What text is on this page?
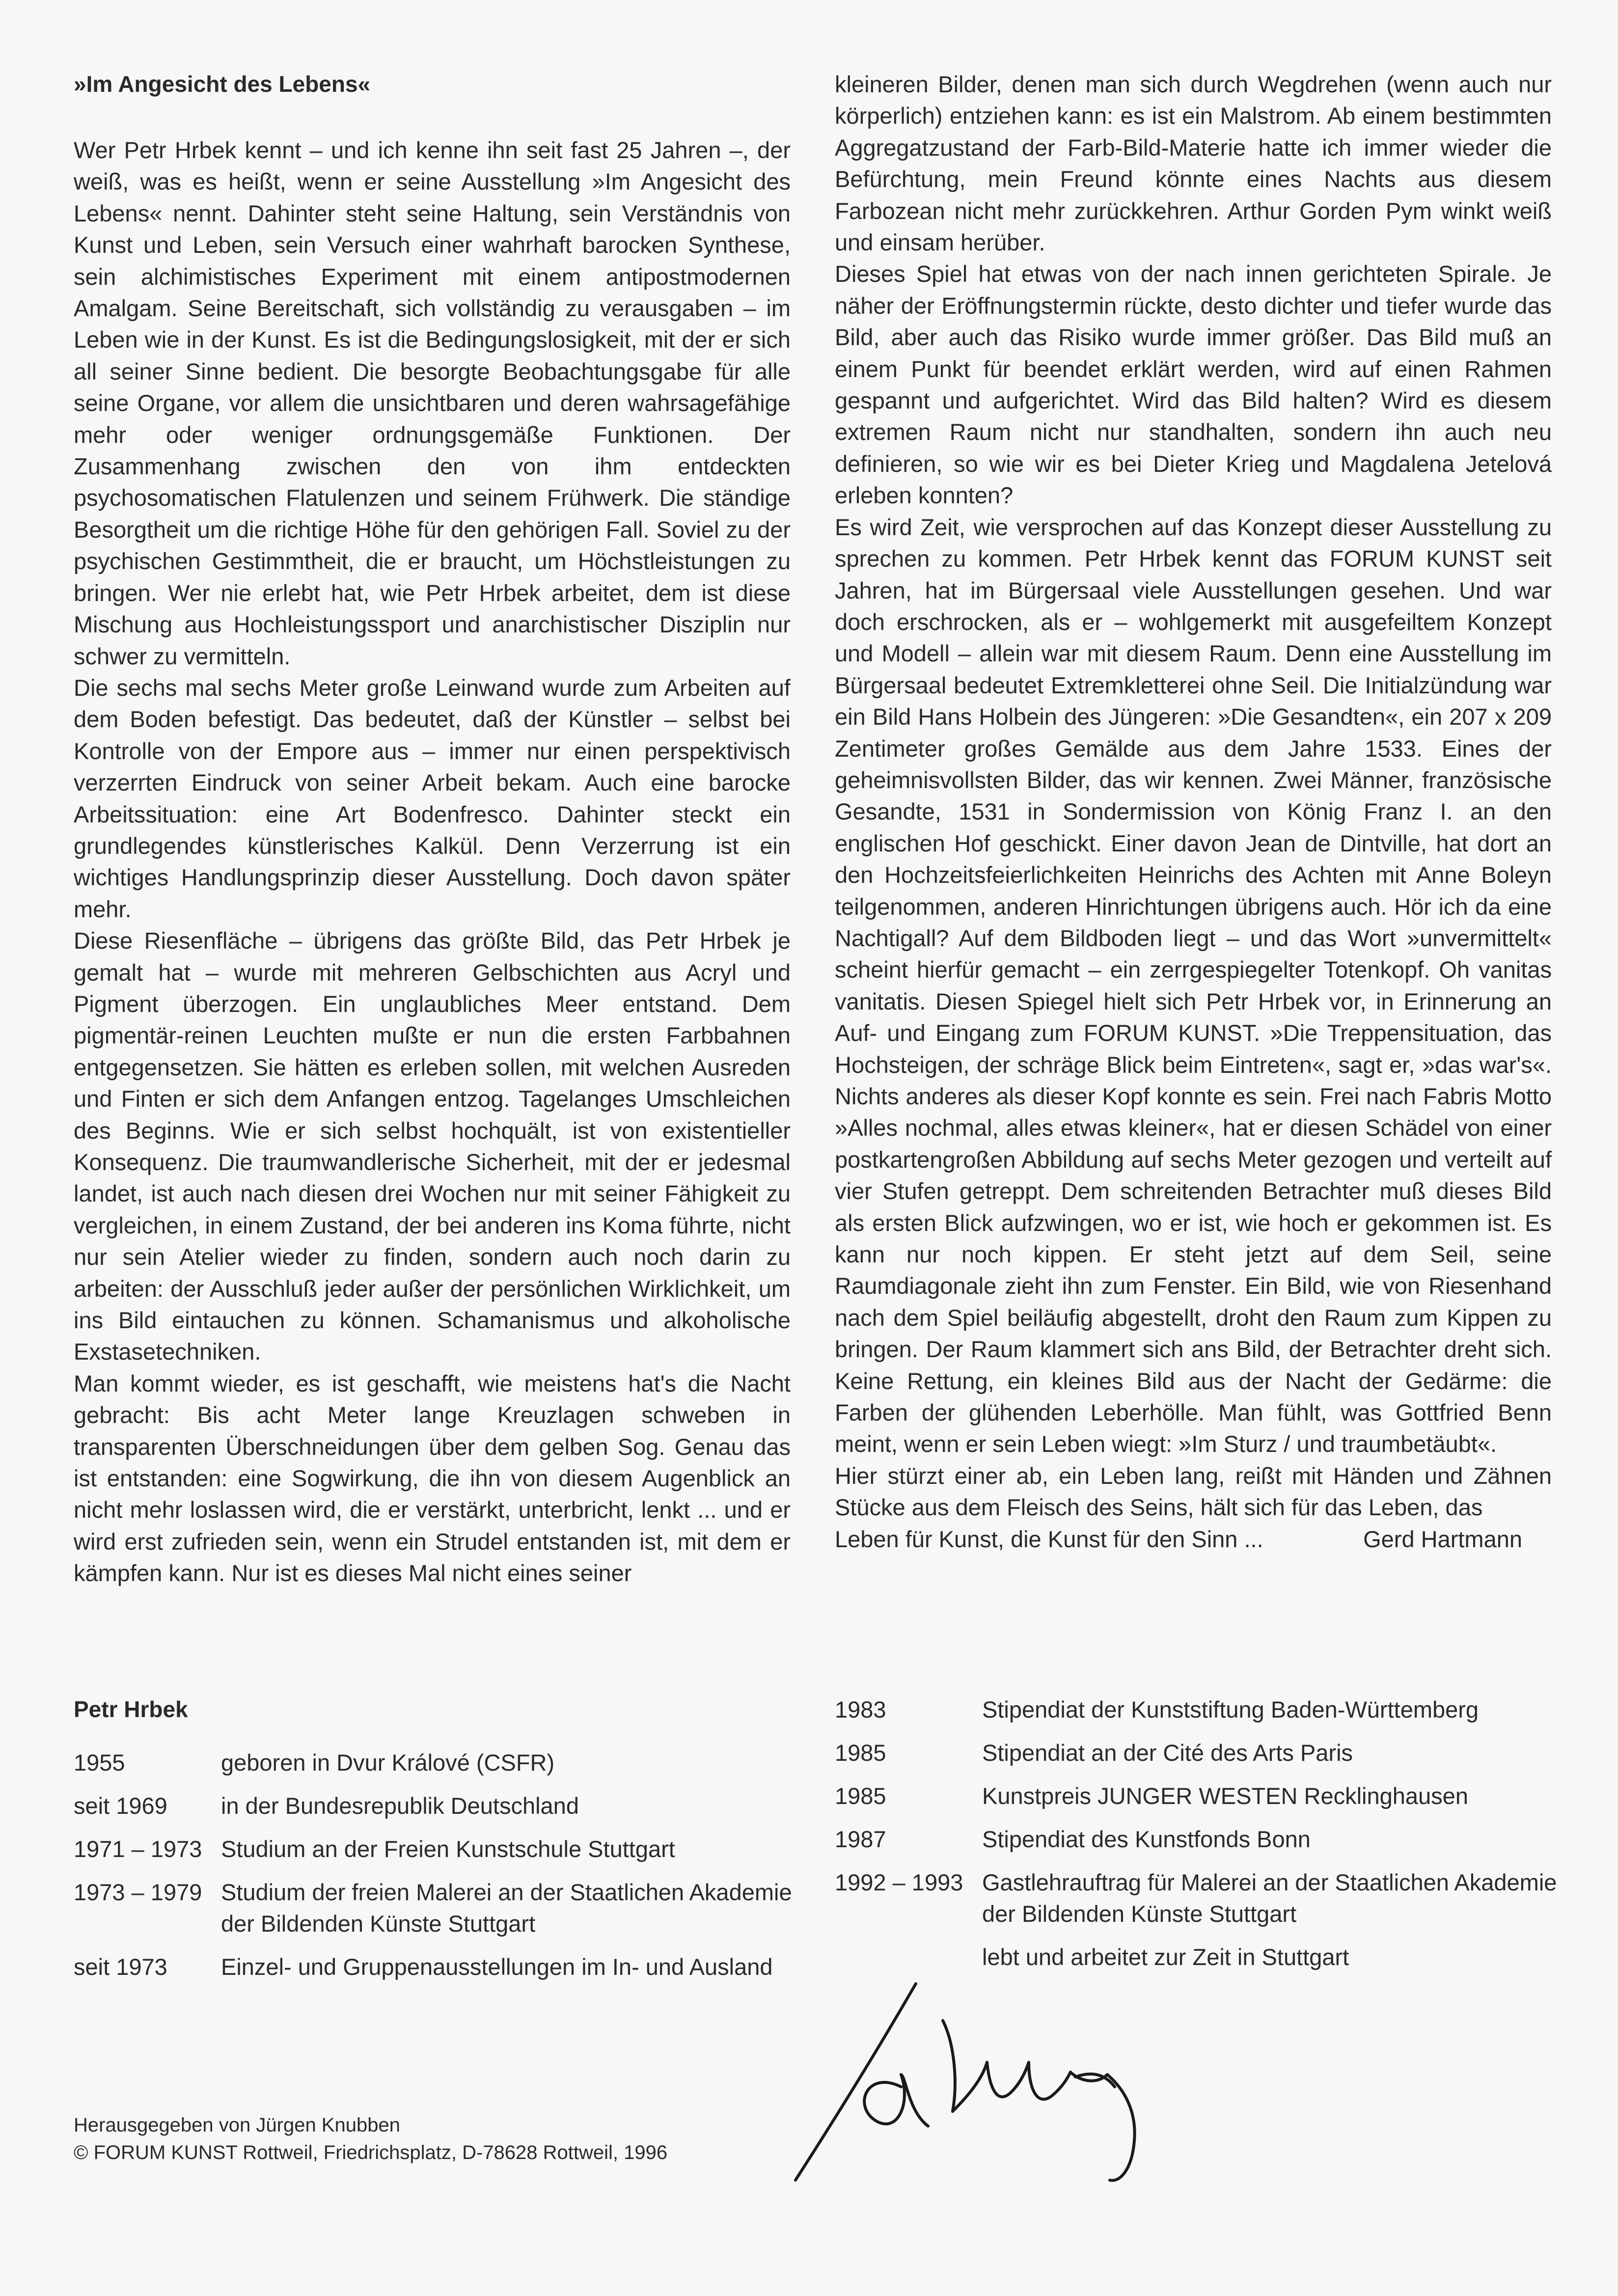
»Im Angesicht des Lebens«

Wer Petr Hrbek kennt – und ich kenne ihn seit fast 25 Jahren –, der weiß, was es heißt, wenn er seine Ausstellung »Im Angesicht des Lebens« nennt. Dahinter steht seine Haltung, sein Verständnis von Kunst und Leben, sein Versuch einer wahrhaft barocken Synthese, sein alchimistisches Experiment mit einem antipostmodernen Amalgam. Seine Bereitschaft, sich vollständig zu verausgaben – im Leben wie in der Kunst. Es ist die Bedingungslosigkeit, mit der er sich all seiner Sinne bedient. Die besorgte Beobachtungsgabe für alle seine Organe, vor allem die unsichtbaren und deren wahrsagefähige mehr oder weniger ordnungsgemäße Funktionen. Der Zusammenhang zwischen den von ihm entdeckten psychosomatischen Flatulenzen und seinem Frühwerk. Die ständige Besorgtheit um die richtige Höhe für den gehörigen Fall. Soviel zu der psychischen Gestimmtheit, die er braucht, um Höchstleistungen zu bringen. Wer nie erlebt hat, wie Petr Hrbek arbeitet, dem ist diese Mischung aus Hochleistungssport und anarchistischer Disziplin nur schwer zu vermitteln.

Die sechs mal sechs Meter große Leinwand wurde zum Arbeiten auf dem Boden befestigt. Das bedeutet, daß der Künstler – selbst bei Kontrolle von der Empore aus – immer nur einen perspektivisch verzerrten Eindruck von seiner Arbeit bekam. Auch eine barocke Arbeitssituation: eine Art Bodenfresco. Dahinter steckt ein grundlegendes künstlerisches Kalkül. Denn Verzerrung ist ein wichtiges Handlungsprinzip dieser Ausstellung. Doch davon später mehr.

Diese Riesenfläche – übrigens das größte Bild, das Petr Hrbek je gemalt hat – wurde mit mehreren Gelbschichten aus Acryl und Pigment überzogen. Ein unglaubliches Meer entstand. Dem pigmentär-reinen Leuchten mußte er nun die ersten Farbbahnen entgegensetzen. Sie hätten es erleben sollen, mit welchen Ausreden und Finten er sich dem Anfangen entzog. Tagelanges Umschleichen des Beginns. Wie er sich selbst hochquält, ist von existentieller Konsequenz. Die traumwandlerische Sicherheit, mit der er jedesmal landet, ist auch nach diesen drei Wochen nur mit seiner Fähigkeit zu vergleichen, in einem Zustand, der bei anderen ins Koma führte, nicht nur sein Atelier wieder zu finden, sondern auch noch darin zu arbeiten: der Ausschluß jeder außer der persönlichen Wirklichkeit, um ins Bild eintauchen zu können. Schamanismus und alkoholische Exstasetechniken.

Man kommt wieder, es ist geschafft, wie meistens hat's die Nacht gebracht: Bis acht Meter lange Kreuzlagen schweben in transparenten Überschneidungen über dem gelben Sog. Genau das ist entstanden: eine Sogwirkung, die ihn von diesem Augenblick an nicht mehr loslassen wird, die er verstärkt, unterbricht, lenkt ... und er wird erst zufrieden sein, wenn ein Strudel entstanden ist, mit dem er kämpfen kann. Nur ist es dieses Mal nicht eines seiner

kleineren Bilder, denen man sich durch Wegdrehen (wenn auch nur körperlich) entziehen kann: es ist ein Malstrom. Ab einem bestimmten Aggregatzustand der Farb-Bild-Materie hatte ich immer wieder die Befürchtung, mein Freund könnte eines Nachts aus diesem Farbozean nicht mehr zurückkehren. Arthur Gorden Pym winkt weiß und einsam herüber.

Dieses Spiel hat etwas von der nach innen gerichteten Spirale. Je näher der Eröffnungstermin rückte, desto dichter und tiefer wurde das Bild, aber auch das Risiko wurde immer größer. Das Bild muß an einem Punkt für beendet erklärt werden, wird auf einen Rahmen gespannt und aufgerichtet. Wird das Bild halten? Wird es diesem extremen Raum nicht nur standhalten, sondern ihn auch neu definieren, so wie wir es bei Dieter Krieg und Magdalena Jetelová erleben konnten?

Es wird Zeit, wie versprochen auf das Konzept dieser Ausstellung zu sprechen zu kommen. Petr Hrbek kennt das FORUM KUNST seit Jahren, hat im Bürgersaal viele Ausstellungen gesehen. Und war doch erschrocken, als er – wohlgemerkt mit ausgefeiltem Konzept und Modell – allein war mit diesem Raum. Denn eine Ausstellung im Bürgersaal bedeutet Extremkletterei ohne Seil. Die Initialzündung war ein Bild Hans Holbein des Jüngeren: »Die Gesandten«, ein 207 x 209 Zentimeter großes Gemälde aus dem Jahre 1533. Eines der geheimnisvollsten Bilder, das wir kennen. Zwei Männer, französische Gesandte, 1531 in Sondermission von König Franz I. an den englischen Hof geschickt. Einer davon Jean de Dintville, hat dort an den Hochzeitsfeierlichkeiten Heinrichs des Achten mit Anne Boleyn teilgenommen, anderen Hinrichtungen übrigens auch. Hör ich da eine Nachtigall? Auf dem Bildboden liegt – und das Wort »unvermittelt« scheint hierfür gemacht – ein zerrgespiegelter Totenkopf. Oh vanitas vanitatis. Diesen Spiegel hielt sich Petr Hrbek vor, in Erinnerung an Auf- und Eingang zum FORUM KUNST. »Die Treppensituation, das Hochsteigen, der schräge Blick beim Eintreten«, sagt er, »das war's«. Nichts anderes als dieser Kopf konnte es sein. Frei nach Fabris Motto »Alles nochmal, alles etwas kleiner«, hat er diesen Schädel von einer postkartengroßen Abbildung auf sechs Meter gezogen und verteilt auf vier Stufen getreppt. Dem schreitenden Betrachter muß dieses Bild als ersten Blick aufzwingen, wo er ist, wie hoch er gekommen ist. Es kann nur noch kippen. Er steht jetzt auf dem Seil, seine Raumdiagonale zieht ihn zum Fenster. Ein Bild, wie von Riesenhand nach dem Spiel beiläufig abgestellt, droht den Raum zum Kippen zu bringen. Der Raum klammert sich ans Bild, der Betrachter dreht sich. Keine Rettung, ein kleines Bild aus der Nacht der Gedärme: die Farben der glühenden Leberhölle. Man fühlt, was Gottfried Benn meint, wenn er sein Leben wiegt: »Im Sturz / und traumbetäubt«.

Hier stürzt einer ab, ein Leben lang, reißt mit Händen und Zähnen Stücke aus dem Fleisch des Seins, hält sich für das Leben, das

Leben für Kunst, die Kunst für den Sinn ...	Gerd Hartmann
Petr Hrbek
1955	geboren in Dvur Králové (CSFR)
seit 1969	in der Bundesrepublik Deutschland
1971 – 1973 Studium an der Freien Kunstschule Stuttgart
1973 – 1979 Studium der freien Malerei an der Staatlichen Akademie der Bildenden Künste Stuttgart
seit 1973	Einzel- und Gruppenausstellungen im In- und Ausland
1983	Stipendiat der Kunststiftung Baden-Württemberg
1985	Stipendiat an der Cité des Arts Paris
1985	Kunstpreis JUNGER WESTEN Recklinghausen
1987	Stipendiat des Kunstfonds Bonn
1992 – 1993 Gastlehrauftrag für Malerei an der Staatlichen Akademie der Bildenden Künste Stuttgart
lebt und arbeitet zur Zeit in Stuttgart
Herausgegeben von Jürgen Knubben
© FORUM KUNST Rottweil, Friedrichsplatz, D-78628 Rottweil, 1996
